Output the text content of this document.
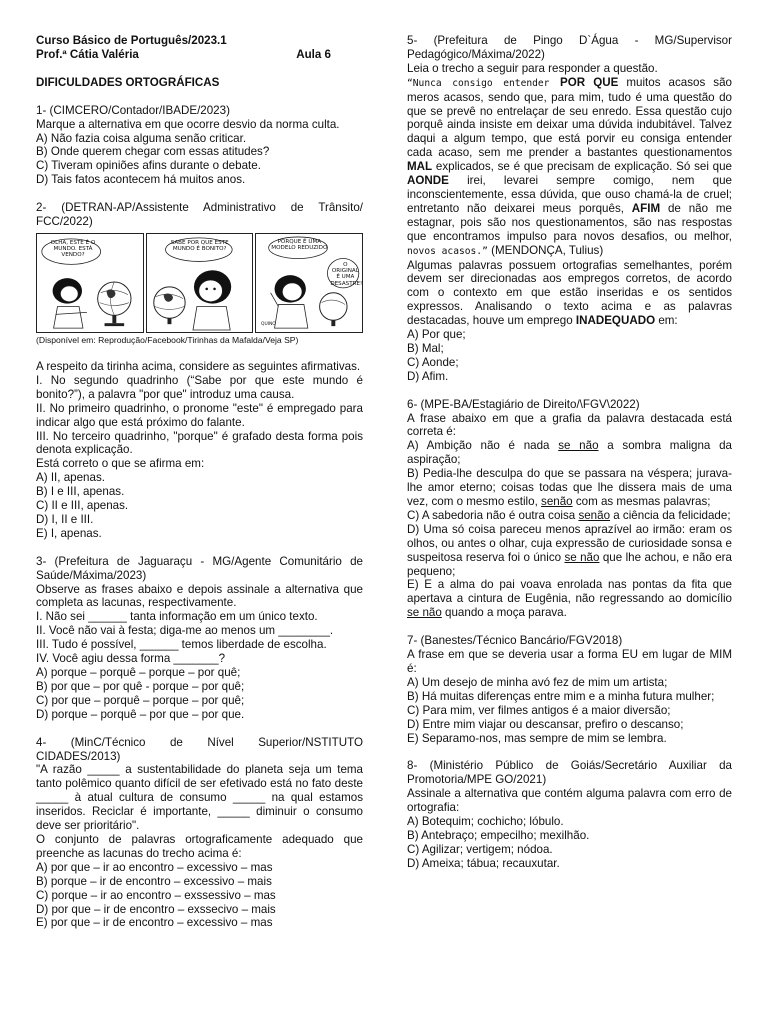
Curso Básico de Português/2023.1

Prof.ª Cátia Valéria	Aula 6

DIFICULDADES ORTOGRÁFICAS

1- (CIMCERO/Contador/IBADE/2023)

Marque a alternativa em que ocorre desvio da norma culta.

A) Não fazia coisa alguma senão criticar.

B) Onde querem chegar com essas atitudes?

C) Tiveram opiniões afins durante o debate.

D) Tais fatos acontecem há muitos anos.

2- (DETRAN-AP/Assistente Administrativo de Trânsito/ FCC/2022)

OLHA, ESTE É O MUNDO. ESTÁ VENDO?
SABE POR QUE ESTE MUNDO É BONITO?
PORQUE É UMA MODELO REDUZIDO
O ORIGINAL É UMA DESASTRE!
QUINO

(Disponível em: Reprodução/Facebook/Tirinhas da Mafalda/Veja SP)

A respeito da tirinha acima, considere as seguintes afirmativas.

I. No segundo quadrinho (“Sabe por que este mundo é bonito?”), a palavra "por que" introduz uma causa.

II. No primeiro quadrinho, o pronome "este" é empregado para indicar algo que está próximo do falante.

III. No terceiro quadrinho, "porque" é grafado desta forma pois denota explicação.

Está correto o que se afirma em:

A) II, apenas.

B) I e III, apenas.

C) II e III, apenas.

D) I, II e III.

E) I, apenas.

3- (Prefeitura de Jaguaraçu - MG/Agente Comunitário de Saúde/Máxima/2023)

Observe as frases abaixo e depois assinale a alternativa que completa as lacunas, respectivamente.

I. Não sei ______ tanta informação em um único texto.

II. Você não vai à festa; diga-me ao menos um ________.

III. Tudo é possível, ______ temos liberdade de escolha.

IV. Você agiu dessa forma _______?

A) porque – porquê – porque – por quê;

B) por que – por quê - porque – por quê;

C) por que – porquê – porque – por quê;

D) porque – porquê – por que – por que.

4- (MinC/Técnico de Nível Superior/NSTITUTO CIDADES/2013)

"A razão _____ a sustentabilidade do planeta seja um tema tanto polêmico quanto difícil de ser efetivado está no fato deste _____ à atual cultura de consumo _____ na qual estamos inseridos. Reciclar é importante, _____ diminuir o consumo deve ser prioritário".

O conjunto de palavras ortograficamente adequado que preenche as lacunas do trecho acima é:

A) por que – ir ao encontro – excessivo – mas

B) porque – ir de encontro – excessivo – mais

C) porque – ir ao encontro – exssessivo – mas

D) por que – ir de encontro – exssecivo – mais

E) por que – ir de encontro – excessivo – mas

5- (Prefeitura de Pingo D`Água - MG/Supervisor Pedagógico/Máxima/2022)

Leia o trecho a seguir para responder a questão.

“Nunca consigo entender POR QUE muitos acasos são meros acasos, sendo que, para mim, tudo é uma questão do que se prevê no entrelaçar de seu enredo. Essa questão cujo porquê ainda insiste em deixar uma dúvida indubitável. Talvez daqui a algum tempo, que está porvir eu consiga entender cada acaso, sem me prender a bastantes questionamentos MAL explicados, se é que precisam de explicação. Só sei que AONDE irei, levarei sempre comigo, nem que inconscientemente, essa dúvida, que ouso chamá-la de cruel; entretanto não deixarei meus porquês, AFIM de não me estagnar, pois são nos questionamentos, são nas respostas que encontramos impulso para novos desafios, ou melhor, novos acasos.” (MENDONÇA, Tulius)

Algumas palavras possuem ortografias semelhantes, porém devem ser direcionadas aos empregos corretos, de acordo com o contexto em que estão inseridas e os sentidos expressos. Analisando o texto acima e as palavras destacadas, houve um emprego INADEQUADO em:

A) Por que;

B) Mal;

C) Aonde;

D) Afim.

6- (MPE-BA/Estagiário de Direito/\FGV\2022)

A frase abaixo em que a grafia da palavra destacada está correta é:

A) Ambição não é nada se não a sombra maligna da aspiração;

B) Pedia-lhe desculpa do que se passara na véspera; jurava-lhe amor eterno; coisas todas que lhe dissera mais de uma vez, com o mesmo estilo, senão com as mesmas palavras;

C) A sabedoria não é outra coisa senão a ciência da felicidade;

D) Uma só coisa pareceu menos aprazível ao irmão: eram os olhos, ou antes o olhar, cuja expressão de curiosidade sonsa e suspeitosa reserva foi o único se não que lhe achou, e não era pequeno;

E) E a alma do pai voava enrolada nas pontas da fita que apertava a cintura de Eugênia, não regressando ao domicílio se não quando a moça parava.

7- (Banestes/Técnico Bancário/FGV2018)

A frase em que se deveria usar a forma EU em lugar de MIM é:

A) Um desejo de minha avó fez de mim um artista;

B) Há muitas diferenças entre mim e a minha futura mulher;

C) Para mim, ver filmes antigos é a maior diversão;

D) Entre mim viajar ou descansar, prefiro o descanso;

E) Separamo-nos, mas sempre de mim se lembra.

8- (Ministério Público de Goiás/Secretário Auxiliar da Promotoria/MPE GO/2021)

Assinale a alternativa que contém alguma palavra com erro de ortografia:

A) Botequim; cochicho; lóbulo.

B) Antebraço; empecilho; mexilhão.

C) Agilizar; vertigem; nódoa.

D) Ameixa; tábua; recauxutar.
